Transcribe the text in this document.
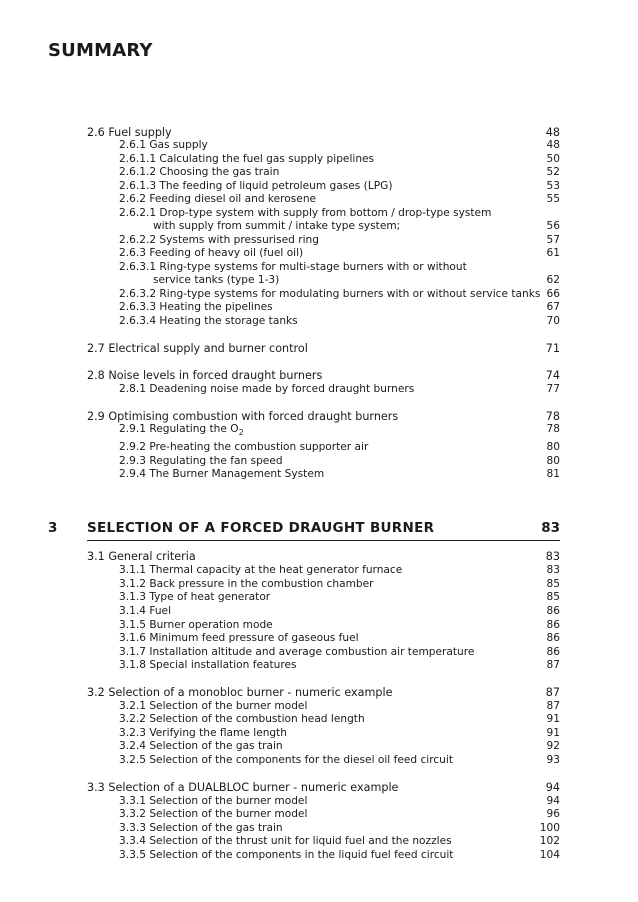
SUMMARY
2.6 Fuel supply	48
2.6.1 Gas supply	48
2.6.1.1 Calculating the fuel gas supply pipelines	50
2.6.1.2 Choosing the gas train	52
2.6.1.3 The feeding of liquid petroleum gases (LPG)	53
2.6.2 Feeding diesel oil and kerosene	55
2.6.2.1 Drop-type system with supply from bottom / drop-type system
with supply from summit / intake type system;	56
2.6.2.2 Systems with pressurised ring	57
2.6.3 Feeding of heavy oil (fuel oil)	61
2.6.3.1 Ring-type systems for multi-stage burners with or without
service tanks (type 1-3)	62
2.6.3.2 Ring-type systems for modulating burners with or without service tanks 66
2.6.3.3 Heating the pipelines	67
2.6.3.4 Heating the storage tanks	70
2.7 Electrical supply and burner control	71
2.8 Noise levels in forced draught burners	74
2.8.1 Deadening noise made by forced draught burners	77
2.9 Optimising combustion with forced draught burners	78
2.9.1 Regulating the $O_2$	78
2.9.2 Pre-heating the combustion supporter air	80
2.9.3 Regulating the fan speed	80
2.9.4 The Burner Management System	81
3 SELECTION OF A FORCED DRAUGHT BURNER	83
3.1 General criteria	83
3.1.1 Thermal capacity at the heat generator furnace	83
3.1.2 Back pressure in the combustion chamber	85
3.1.3 Type of heat generator	85
3.1.4 Fuel	86
3.1.5 Burner operation mode	86
3.1.6 Minimum feed pressure of gaseous fuel	86
3.1.7 Installation altitude and average combustion air temperature	86
3.1.8 Special installation features	87
3.2 Selection of a monobloc burner - numeric example	87
3.2.1 Selection of the burner model	87
3.2.2 Selection of the combustion head length	91
3.2.3 Verifying the flame length	91
3.2.4 Selection of the gas train	92
3.2.5 Selection of the components for the diesel oil feed circuit	93
3.3 Selection of a DUALBLOC burner - numeric example	94
3.3.1 Selection of the burner model	94
3.3.2 Selection of the burner model	96
3.3.3 Selection of the gas train	100
3.3.4 Selection of the thrust unit for liquid fuel and the nozzles	102
3.3.5 Selection of the components in the liquid fuel feed circuit	104
